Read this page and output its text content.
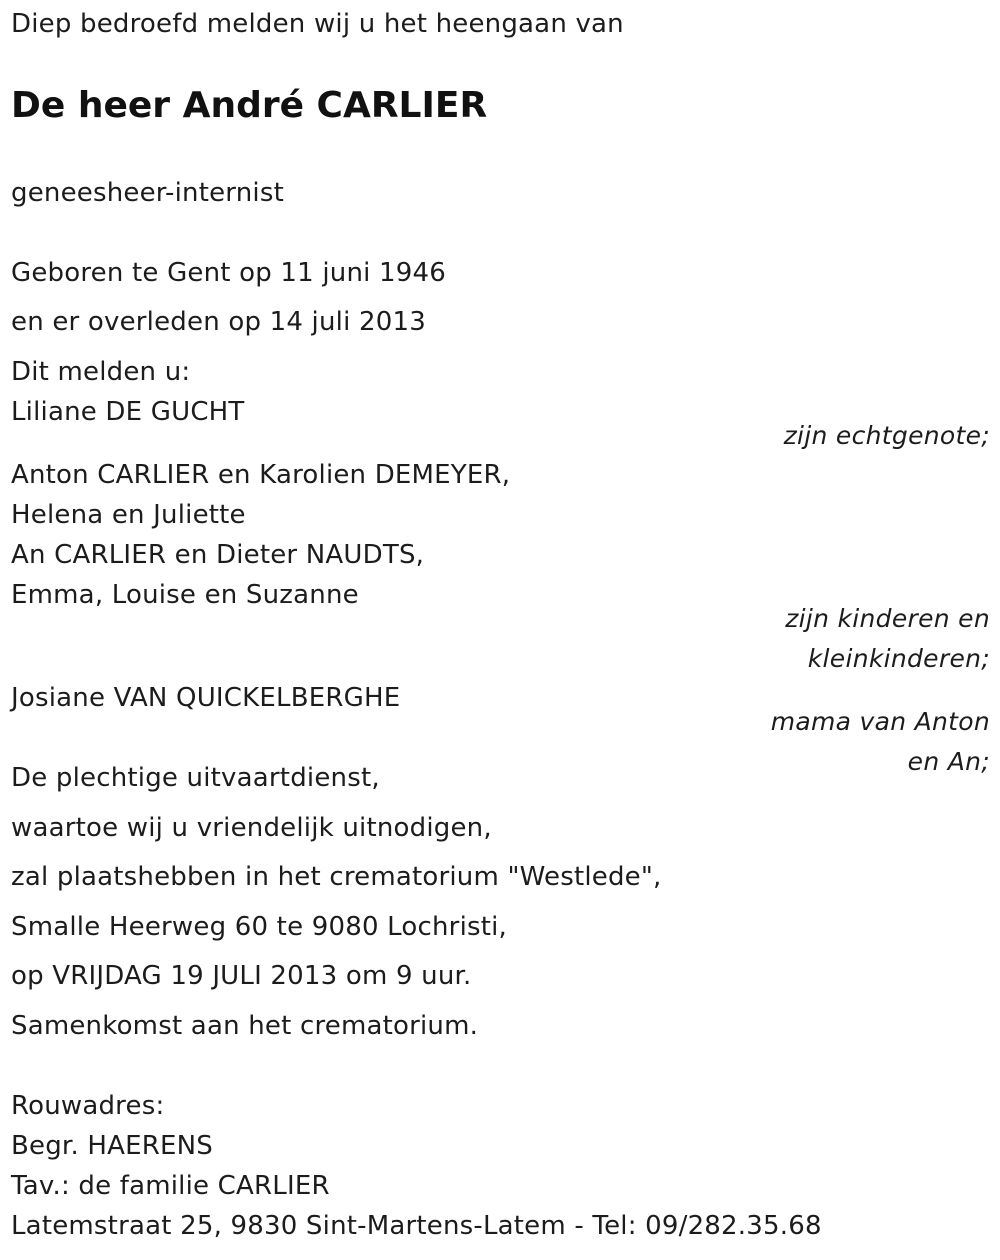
Diep bedroefd melden wij u het heengaan van
De heer André CARLIER
geneesheer-internist
Geboren te Gent op 11 juni 1946
en er overleden op 14 juli 2013
Dit melden u:
Liliane DE GUCHT
zijn echtgenote;
Anton CARLIER en Karolien DEMEYER,
Helena en Juliette
An CARLIER en Dieter NAUDTS,
Emma, Louise en Suzanne
zijn kinderen en
kleinkinderen;
Josiane VAN QUICKELBERGHE
mama van Anton
en An;
De plechtige uitvaartdienst,
waartoe wij u vriendelijk uitnodigen,
zal plaatshebben in het crematorium "Westlede",
Smalle Heerweg 60 te 9080 Lochristi,
op VRIJDAG 19 JULI 2013 om 9 uur.
Samenkomst aan het crematorium.
Rouwadres:
Begr. HAERENS
Tav.: de familie CARLIER
Latemstraat 25, 9830 Sint-Martens-Latem - Tel: 09/282.35.68
